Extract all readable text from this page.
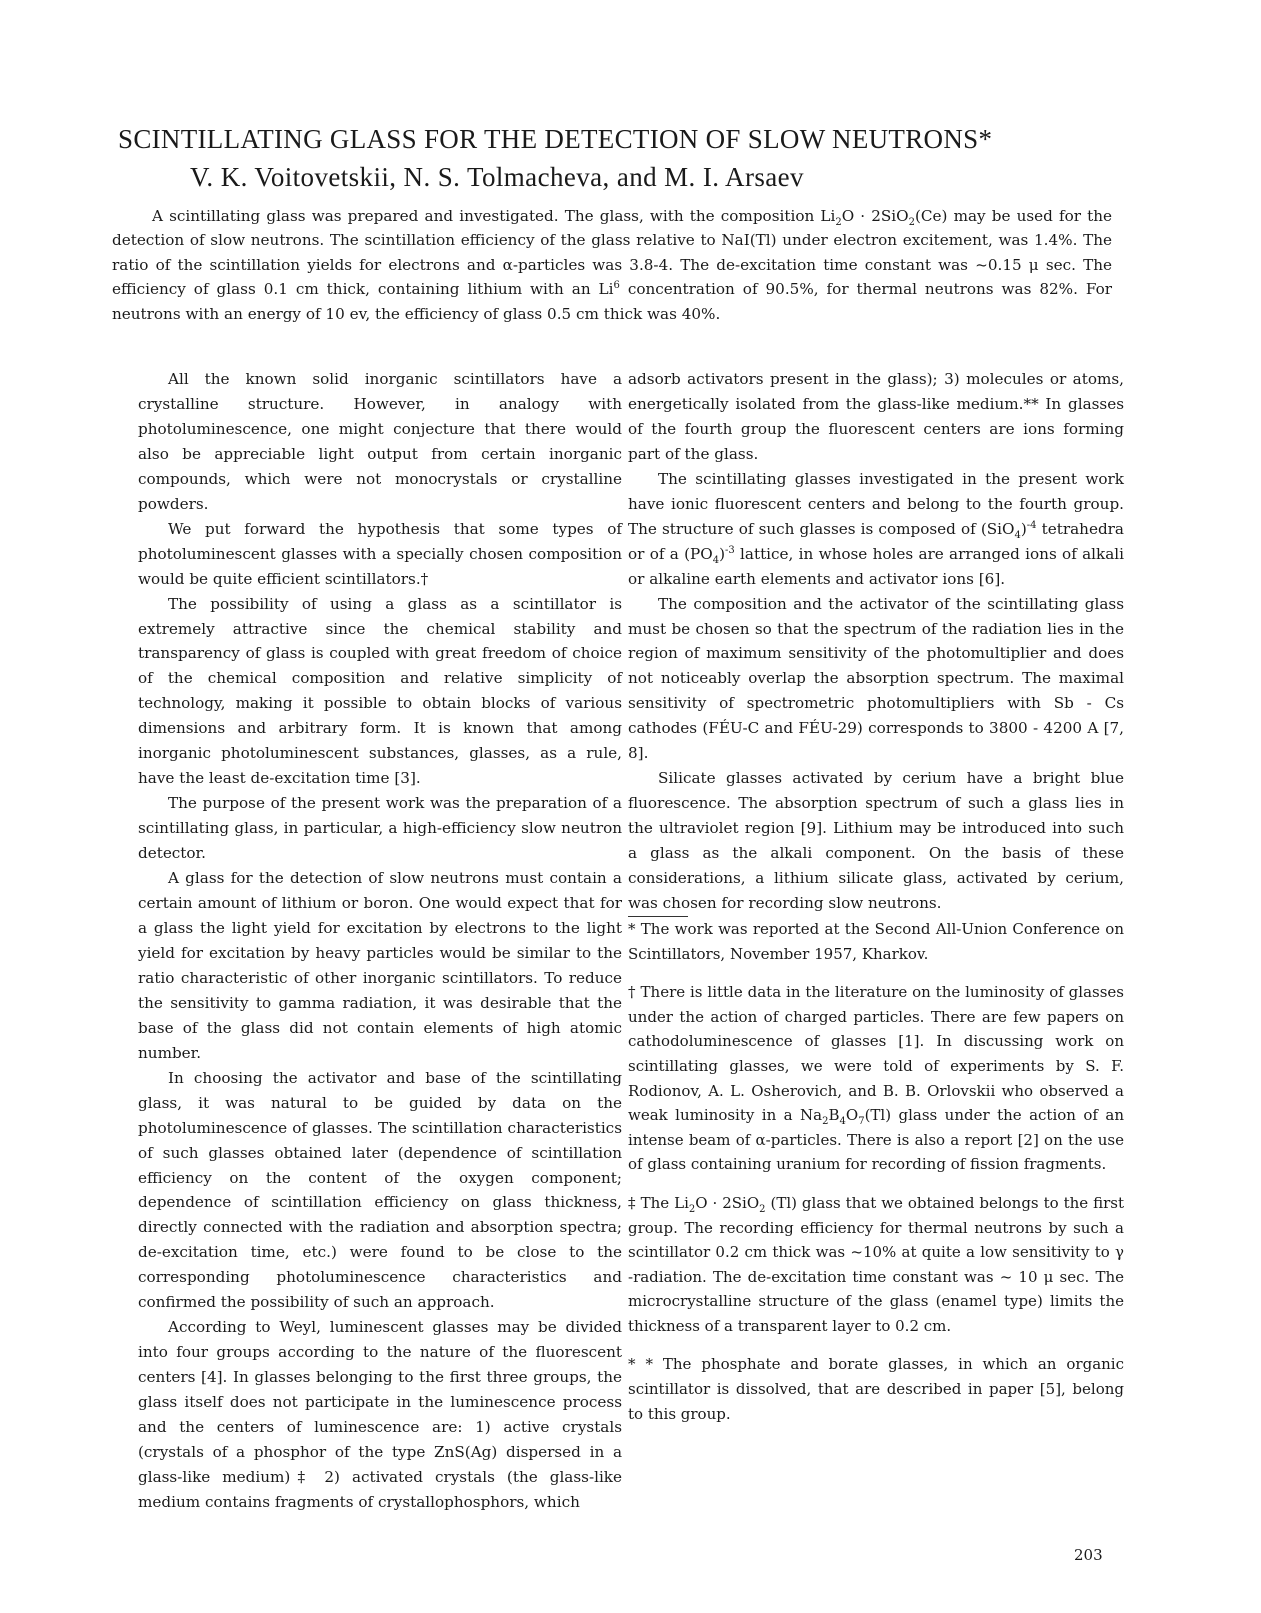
SCINTILLATING GLASS FOR THE DETECTION OF SLOW NEUTRONS*
V. K. Voitovetskii, N. S. Tolmacheva, and M. I. Arsaev
A scintillating glass was prepared and investigated. The glass, with the composition $Li_2O \cdot 2SiO_2(Ce)$ may be used for the detection of slow neutrons. The scintillation efficiency of the glass relative to NaI(Tl) under electron excitement, was 1.4%. The ratio of the scintillation yields for electrons and α-particles was 3.8-4. The de-excitation time constant was ~0.15 μ sec. The efficiency of glass 0.1 cm thick, containing lithium with an Li$^6$ concentration of 90.5%, for thermal neutrons was 82%. For neutrons with an energy of 10 ev, the efficiency of glass 0.5 cm thick was 40%.

All the known solid inorganic scintillators have a crystalline structure. However, in analogy with photoluminescence, one might conjecture that there would also be appreciable light output from certain inorganic compounds, which were not monocrystals or crystalline powders.

We put forward the hypothesis that some types of photoluminescent glasses with a specially chosen composition would be quite efficient scintillators.†

The possibility of using a glass as a scintillator is extremely attractive since the chemical stability and transparency of glass is coupled with great freedom of choice of the chemical composition and relative simplicity of technology, making it possible to obtain blocks of various dimensions and arbitrary form. It is known that among inorganic photoluminescent substances, glasses, as a rule, have the least de-excitation time [3].

The purpose of the present work was the preparation of a scintillating glass, in particular, a high-efficiency slow neutron detector.

A glass for the detection of slow neutrons must contain a certain amount of lithium or boron. One would expect that for a glass the light yield for excitation by electrons to the light yield for excitation by heavy particles would be similar to the ratio characteristic of other inorganic scintillators. To reduce the sensitivity to gamma radiation, it was desirable that the base of the glass did not contain elements of high atomic number.

In choosing the activator and base of the scintillating glass, it was natural to be guided by data on the photoluminescence of glasses. The scintillation characteristics of such glasses obtained later (dependence of scintillation efficiency on the content of the oxygen component; dependence of scintillation efficiency on glass thickness, directly connected with the radiation and absorption spectra; de-excitation time, etc.) were found to be close to the corresponding photoluminescence characteristics and confirmed the possibility of such an approach.

According to Weyl, luminescent glasses may be divided into four groups according to the nature of the fluorescent centers [4]. In glasses belonging to the first three groups, the glass itself does not participate in the luminescence process and the centers of luminescence are: 1) active crystals (crystals of a phosphor of the type ZnS(Ag) dispersed in a glass-like medium)‡ 2) activated crystals (the glass-like medium contains fragments of crystallophosphors, which

adsorb activators present in the glass); 3) molecules or atoms, energetically isolated from the glass-like medium.** In glasses of the fourth group the fluorescent centers are ions forming part of the glass.

The scintillating glasses investigated in the present work have ionic fluorescent centers and belong to the fourth group. The structure of such glasses is composed of $(SiO_4)^{-4}$ tetrahedra or of a $(PO_4)^{-3}$ lattice, in whose holes are arranged ions of alkali or alkaline earth elements and activator ions [6].

The composition and the activator of the scintillating glass must be chosen so that the spectrum of the radiation lies in the region of maximum sensitivity of the photomultiplier and does not noticeably overlap the absorption spectrum. The maximal sensitivity of spectrometric photomultipliers with Sb - Cs cathodes (FÉU-C and FÉU-29) corresponds to 3800 - 4200 A [7, 8].

Silicate glasses activated by cerium have a bright blue fluorescence. The absorption spectrum of such a glass lies in the ultraviolet region [9]. Lithium may be introduced into such a glass as the alkali component. On the basis of these considerations, a lithium silicate glass, activated by cerium, was chosen for recording slow neutrons.

* The work was reported at the Second All-Union Conference on Scintillators, November 1957, Kharkov.

† There is little data in the literature on the luminosity of glasses under the action of charged particles. There are few papers on cathodoluminescence of glasses [1]. In discussing work on scintillating glasses, we were told of experiments by S. F. Rodionov, A. L. Osherovich, and B. B. Orlovskii who observed a weak luminosity in a $Na_2B_4O_7(Tl)$ glass under the action of an intense beam of α-particles. There is also a report [2] on the use of glass containing uranium for recording of fission fragments.

‡ The $Li_2O \cdot 2SiO_2$ (Tl) glass that we obtained belongs to the first group. The recording efficiency for thermal neutrons by such a scintillator 0.2 cm thick was ~10% at quite a low sensitivity to γ -radiation. The de-excitation time constant was ~ 10 μ sec. The microcrystalline structure of the glass (enamel type) limits the thickness of a transparent layer to 0.2 cm.

* * The phosphate and borate glasses, in which an organic scintillator is dissolved, that are described in paper [5], belong to this group.

203
